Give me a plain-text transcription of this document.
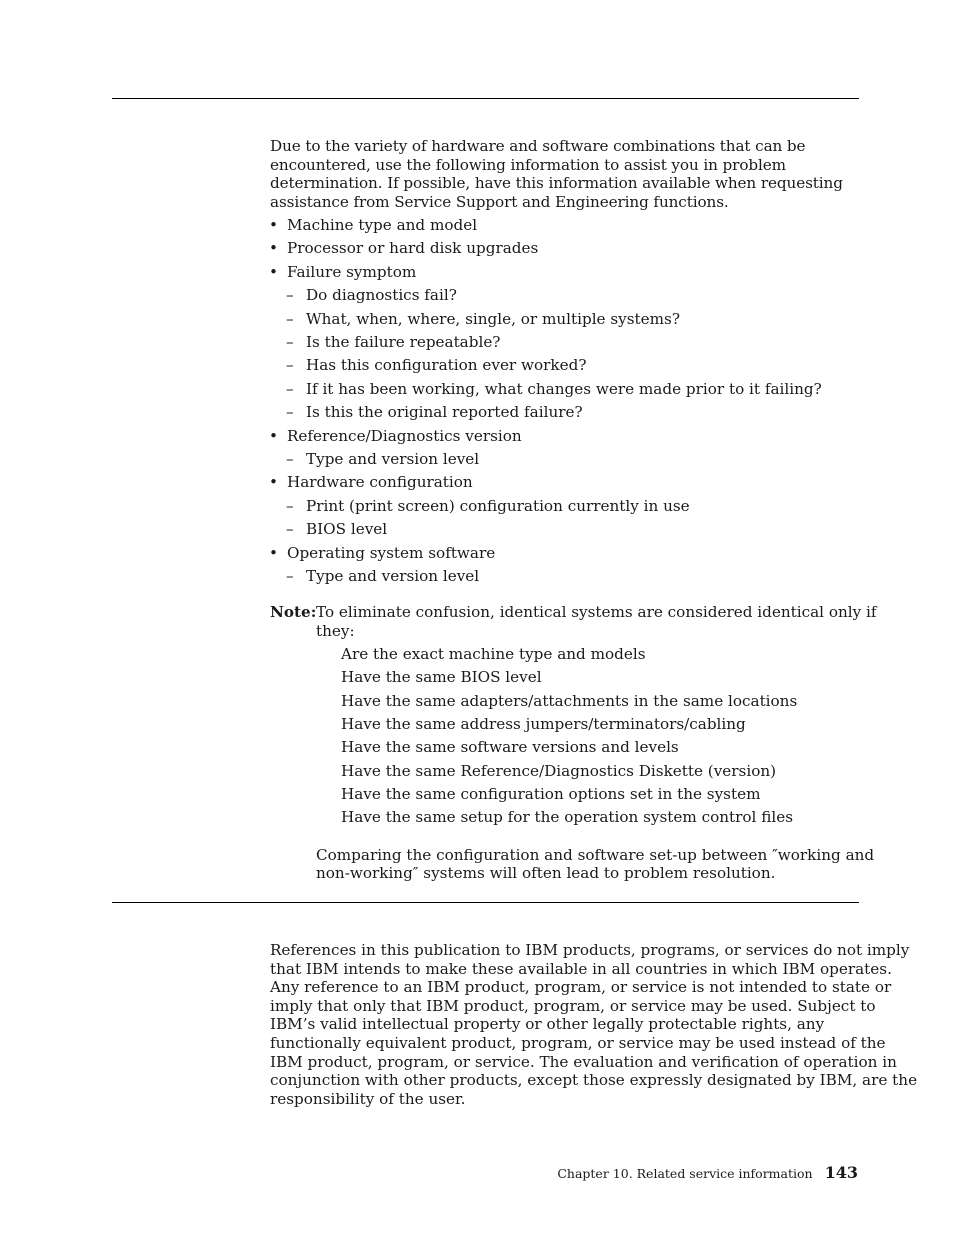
Due to the variety of hardware and software combinations that can be encountered, use the following information to assist you in problem determination. If possible, have this information available when requesting assistance from Service Support and Engineering functions.

• Machine type and model
• Processor or hard disk upgrades
• Failure symptom
– Do diagnostics fail?
– What, when, where, single, or multiple systems?
– Is the failure repeatable?
– Has this configuration ever worked?
– If it has been working, what changes were made prior to it failing?
– Is this the original reported failure?
• Reference/Diagnostics version
– Type and version level
• Hardware configuration
– Print (print screen) configuration currently in use
– BIOS level
• Operating system software
– Type and version level
Note: To eliminate confusion, identical systems are considered identical only if
they:
Are the exact machine type and models
Have the same BIOS level
Have the same adapters/attachments in the same locations
Have the same address jumpers/terminators/cabling
Have the same software versions and levels
Have the same Reference/Diagnostics Diskette (version)
Have the same configuration options set in the system
Have the same setup for the operation system control files
Comparing the configuration and software set-up between ″working and
non-working″ systems will often lead to problem resolution.
References in this publication to IBM products, programs, or services do not imply
that IBM intends to make these available in all countries in which IBM operates.
Any reference to an IBM product, program, or service is not intended to state or
imply that only that IBM product, program, or service may be used. Subject to
IBM’s valid intellectual property or other legally protectable rights, any
functionally equivalent product, program, or service may be used instead of the
IBM product, program, or service. The evaluation and verification of operation in
conjunction with other products, except those expressly designated by IBM, are the
responsibility of the user.
Chapter 10. Related service information 143
